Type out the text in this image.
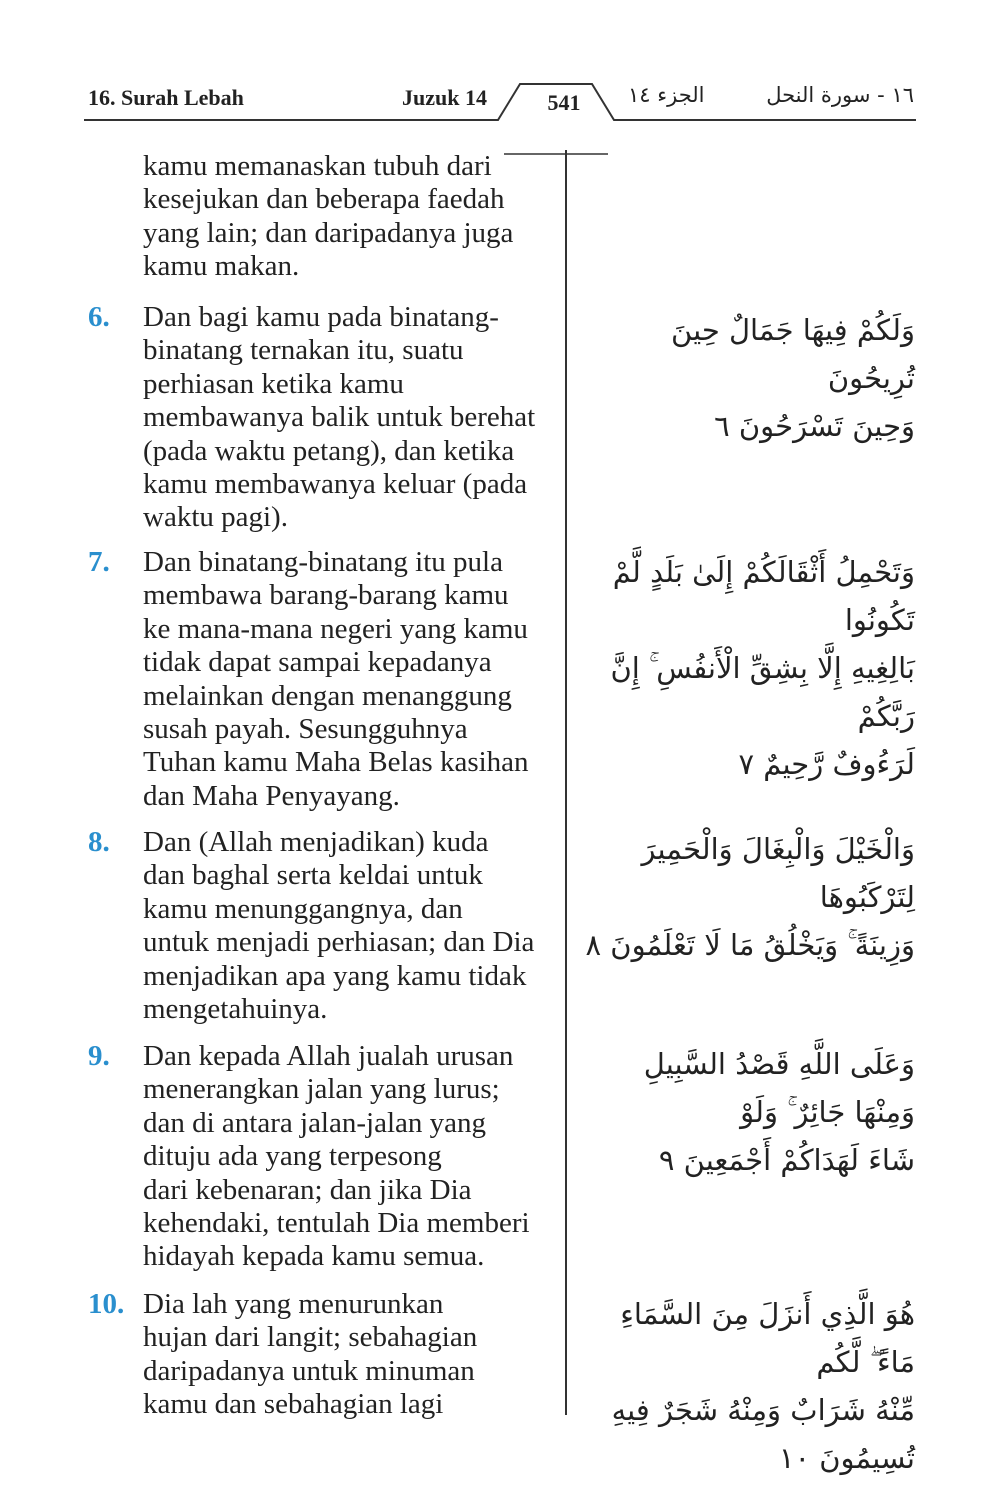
16. Surah Lebah	Juzuk 14	541	الجزء ١٤	١٦ - سورة النحل
kamu memanaskan tubuh dari
kesejukan dan beberapa faedah
yang lain; dan daripadanya juga
kamu makan.
6. Dan bagi kamu pada binatang-
binatang ternakan itu, suatu
perhiasan ketika kamu
membawanya balik untuk berehat
(pada waktu petang), dan ketika
kamu membawanya keluar (pada
waktu pagi).
وَلَكُمْ فِيهَا جَمَالٌ حِينَ تُرِيحُونَ
وَحِينَ تَسْرَحُونَ ٦
7. Dan binatang-binatang itu pula
membawa barang-barang kamu
ke mana-mana negeri yang kamu
tidak dapat sampai kepadanya
melainkan dengan menanggung
susah payah. Sesungguhnya
Tuhan kamu Maha Belas kasihan
dan Maha Penyayang.
وَتَحْمِلُ أَثْقَالَكُمْ إِلَىٰ بَلَدٍ لَّمْ تَكُونُوا
بَالِغِيهِ إِلَّا بِشِقِّ الْأَنفُسِ ۚ إِنَّ رَبَّكُمْ
لَرَءُوفٌ رَّحِيمٌ ٧
8. Dan (Allah menjadikan) kuda
dan baghal serta keldai untuk
kamu menunggangnya, dan
untuk menjadi perhiasan; dan Dia
menjadikan apa yang kamu tidak
mengetahuinya.
وَالْخَيْلَ وَالْبِغَالَ وَالْحَمِيرَ لِتَرْكَبُوهَا
وَزِينَةً ۚ وَيَخْلُقُ مَا لَا تَعْلَمُونَ ٨
9. Dan kepada Allah jualah urusan
menerangkan jalan yang lurus;
dan di antara jalan-jalan yang
dituju ada yang terpesong
dari kebenaran; dan jika Dia
kehendaki, tentulah Dia memberi
hidayah kepada kamu semua.
وَعَلَى اللَّهِ قَصْدُ السَّبِيلِ وَمِنْهَا جَائِرٌ ۚ وَلَوْ
شَاءَ لَهَدَاكُمْ أَجْمَعِينَ ٩
10. Dia lah yang menurunkan
hujan dari langit; sebahagian
daripadanya untuk minuman
kamu dan sebahagian lagi
هُوَ الَّذِي أَنزَلَ مِنَ السَّمَاءِ مَاءً ۖ لَّكُم
مِّنْهُ شَرَابٌ وَمِنْهُ شَجَرٌ فِيهِ تُسِيمُونَ ١٠
